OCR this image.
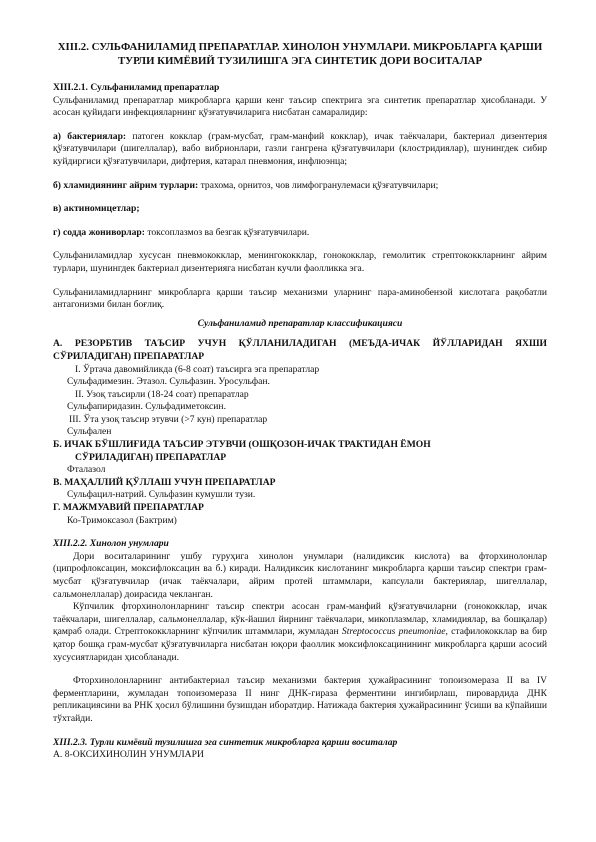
XIII.2. СУЛЬФАНИЛАМИД ПРЕПАРАТЛАР. ХИНОЛОН УНУМЛАРИ. МИКРОБЛАРГА ҚАРШИ
ТУРЛИ КИМЁВИЙ ТУЗИЛИШГА ЭГА СИНТЕТИК ДОРИ ВОСИТАЛАР

XIII.2.1. Сульфаниламид препаратлар

Сульфаниламид препаратлар микробларга қарши кенг таъсир спектрига эга синтетик препаратлар ҳисобланади. У асосан қуйидаги инфекцияларнинг қўзғатувчиларига нисбатан самаралидир:

а) бактериялар: патоген кокклар (грам-мусбат, грам-манфий кокклар), ичак таёкчалари, бактериал дизентерия қўзғатувчилари (шигеллалар), вабо вибрионлари, газли гангрена қўзғатувчилари (клостридиялар), шунингдек сибир куйдиргиси қўзғатувчилари, дифтерия, катарал пневмония, инфлюэнца;

б) хламидиянинг айрим турлари: трахома, орнитоз, чов лимфогранулемаси қўзғатувчилари;

в) актиномицетлар;

г) содда жониворлар: токсоплазмоз ва безгак қўзғатувчилари.

Сульфаниламидлар хусусан пневмококклар, менингококклар, гонококклар, гемолитик стрептококкларнинг айрим турлари, шунингдек бактериал дизентерияга нисбатан кучли фаолликка эга.

Сульфаниламидларнинг микробларга қарши таъсир механизми уларнинг пара-аминобензой кислотага рақобатли антагонизми билан боғлиқ.

Сульфаниламид препаратлар классификацияси

А. РЕЗОРБТИВ ТАЪСИР УЧУН ҚЎЛЛАНИЛАДИГАН (МЕЪДА-ИЧАК ЙЎЛЛАРИДАН ЯХШИ СЎРИЛАДИГАН) ПРЕПАРАТЛАР

I. Ўртача давомийликда (6-8 соат) таъсирга эга препаратлар

Сульфадимезин. Этазол. Сульфазин. Уросульфан.

II. Узоқ таъсирли (18-24 соат) препаратлар

Сульфапиридазин. Сульфадиметоксин.

III. Ўта узоқ таъсир этувчи (>7 кун) препаратлар

Сульфален

Б. ИЧАК БЎШЛИҒИДА ТАЪСИР ЭТУВЧИ (ОШҚОЗОН-ИЧАК ТРАКТИДАН ЁМОН

СЎРИЛАДИГАН) ПРЕПАРАТЛАР

Фталазол

В. МАҲАЛЛИЙ ҚЎЛЛАШ УЧУН ПРЕПАРАТЛАР

Сульфацил-натрий. Сульфазин кумушли тузи.

Г. МАЖМУАВИЙ ПРЕПАРАТЛАР

Ко-Тримоксазол (Бактрим)

XIII.2.2. Хинолон унумлари

Дори воситаларининг ушбу гуруҳига хинолон унумлари (налидиксик кислота) ва фторхинолонлар (ципрофлоксацин, моксифлоксацин ва б.) киради. Налидиксик кислотанинг микробларга қарши таъсир спектри грам-мусбат қўзғатувчилар (ичак таёкчалари, айрим протей штаммлари, капсулали бактериялар, шигеллалар, сальмонеллалар) доирасида чекланган.

Кўпчилик фторхинолонларнинг таъсир спектри асосан грам-манфий қўзғатувчиларни (гонококклар, ичак таёкчалари, шигеллалар, сальмонеллалар, кўк-йашил йирнинг таёкчалари, микоплазмлар, хламидиялар, ва бошқалар) қамраб олади. Стрептококкларнинг кўпчилик штаммлари, жумладан Streptococcus pneumoniae, стафилококклар ва бир қатор бошқа грам-мусбат қўзғатувчиларга нисбатан юқори фаоллик моксифлоксацинининг микробларга қарши асосий хусусиятларидан ҳисобланади.

Фторхинолонларнинг антибактериал таъсир механизми бактерия ҳужайрасининг топоизомераза II ва IV ферментларини, жумладан топоизомераза II нинг ДНК-гираза ферментини ингибирлаш, пировардида ДНК репликациясини ва РНК ҳосил бўлишини бузишдан иборатдир. Натижада бактерия ҳужайрасининг ўсиши ва кўпайиши тўхтайди.

XIII.2.3. Турли кимёвий тузилишга эга синтетик микробларга қарши воситалар

А. 8-ОКСИХИНОЛИН УНУМЛАРИ
